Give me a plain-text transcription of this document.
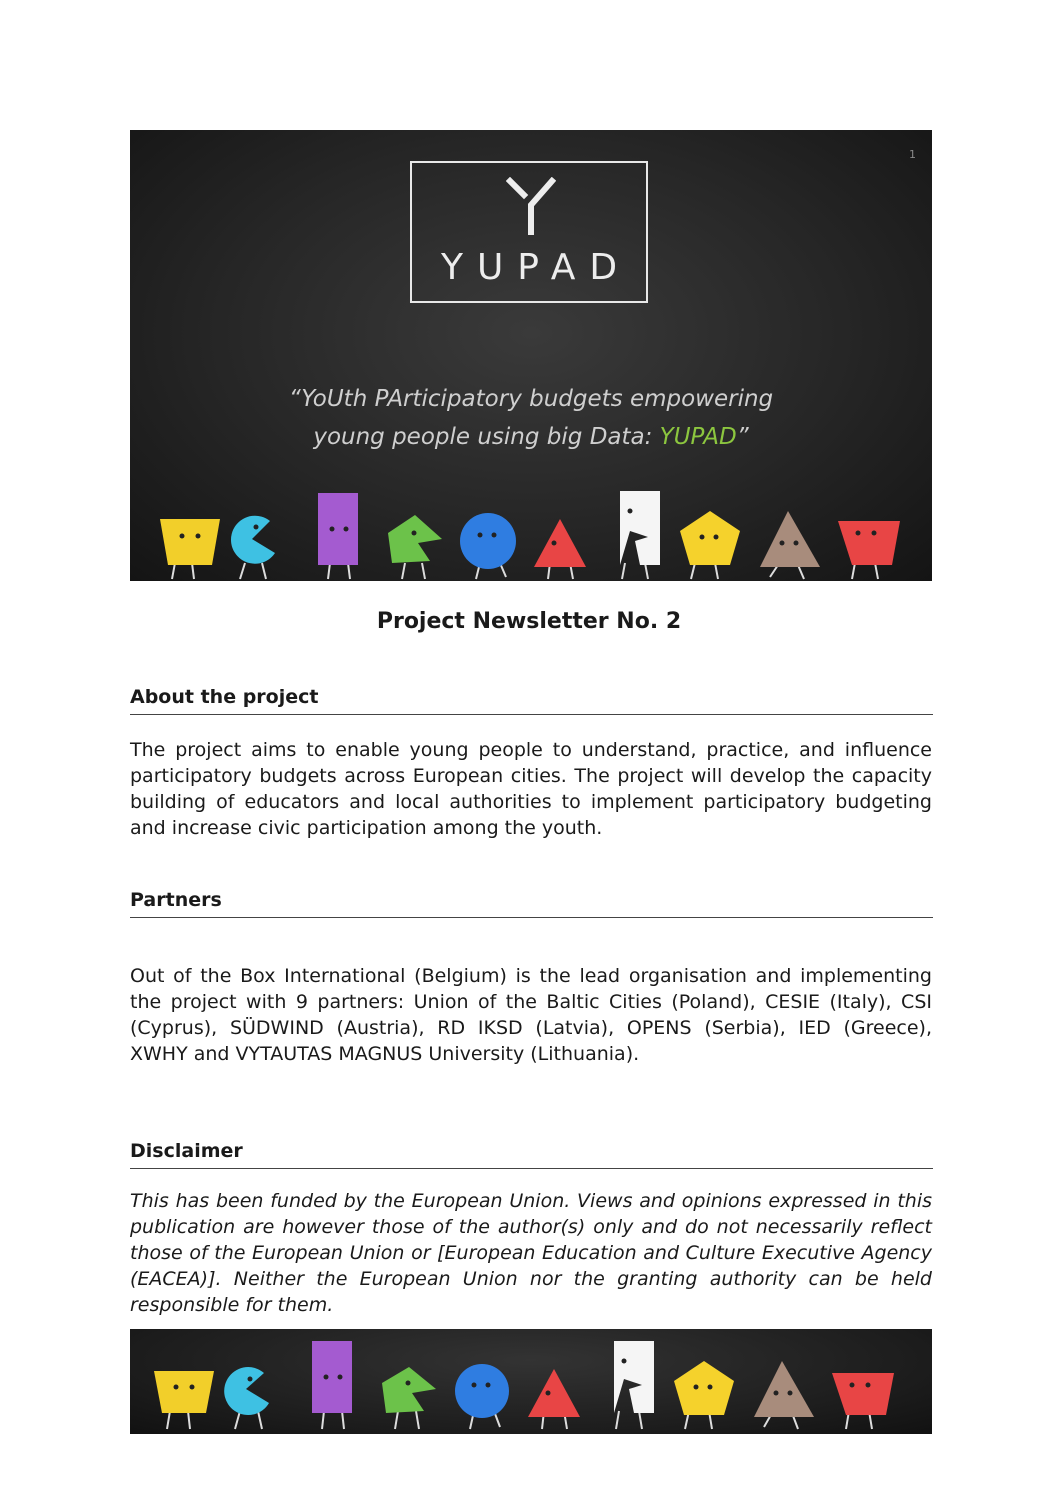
1
YUPAD
“YoUth PArticipatory budgets empowering
young people using big Data: YUPAD”
Project Newsletter No. 2
About the project
The project aims to enable young people to understand, practice, and influence participatory budgets across European cities. The project will develop the capacity building of educators and local authorities to implement participatory budgeting and increase civic participation among the youth.
Partners
Out of the Box International (Belgium) is the lead organisation and implementing the project with 9 partners: Union of the Baltic Cities (Poland), CESIE (Italy), CSI (Cyprus), SÜDWIND (Austria), RD IKSD (Latvia), OPENS (Serbia), IED (Greece), XWHY and VYTAUTAS MAGNUS University (Lithuania).
Disclaimer
This has been funded by the European Union. Views and opinions expressed in this publication are however those of the author(s) only and do not necessarily reflect those of the European Union or [European Education and Culture Executive Agency (EACEA)]. Neither the European Union nor the granting authority can be held responsible for them.
